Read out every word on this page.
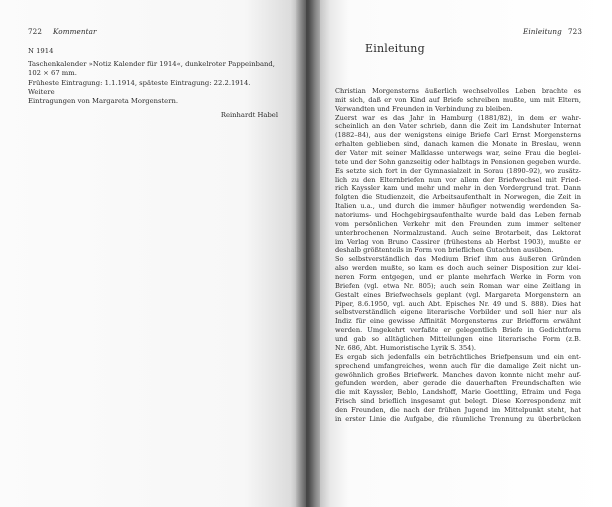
722 Kommentar

N 1914

Taschenkalender »Notiz Kalender für 1914«, dunkelroter Pappeinband,

102 × 67 mm.

Früheste Eintragung: 1.1.1914, späteste Eintragung: 22.2.1914. Weitere

Eintragungen von Margareta Morgenstern.

Reinhardt Habel

Einleitung 723
Einleitung
Christian Morgensterns äußerlich wechselvolles Leben brachte es
mit sich, daß er von Kind auf Briefe schreiben mußte, um mit Eltern,
Verwandten und Freunden in Verbindung zu bleiben.
Zuerst war es das Jahr in Hamburg (1881/82), in dem er wahr-
scheinlich an den Vater schrieb, dann die Zeit im Landshuter Internat
(1882–84), aus der wenigstens einige Briefe Carl Ernst Morgensterns
erhalten geblieben sind, danach kamen die Monate in Breslau, wenn
der Vater mit seiner Malklasse unterwegs war, seine Frau die beglei-
tete und der Sohn ganzseitig oder halbtags in Pensionen gegeben wurde.
Es setzte sich fort in der Gymnasialzeit in Sorau (1890–92), wo zusätz-
lich zu den Elternbriefen nun vor allem der Briefwechsel mit Fried-
rich Kayssler kam und mehr und mehr in den Vordergrund trat. Dann
folgten die Studienzeit, die Arbeitsaufenthalt in Norwegen, die Zeit in
Italien u.a., und durch die immer häufiger notwendig werdenden Sa-
natoriums- und Hochgebirgsaufenthalte wurde bald das Leben fernab
vom persönlichen Verkehr mit den Freunden zum immer seltener
unterbrochenen Normalzustand. Auch seine Brotarbeit, das Lektorat
im Verlag von Bruno Cassirer (frühestens ab Herbst 1903), mußte er
deshalb größtenteils in Form von brieflichen Gutachten ausüben.
So selbstverständlich das Medium Brief ihm aus äußeren Gründen
also werden mußte, so kam es doch auch seiner Disposition zur klei-
neren Form entgegen, und er plante mehrfach Werke in Form von
Briefen (vgl. etwa Nr. 805); auch sein Roman war eine Zeitlang in
Gestalt eines Briefwechsels geplant (vgl. Margareta Morgenstern an
Piper, 8.6.1950, vgl. auch Abt. Episches Nr. 49 und S. 888). Dies hat
selbstverständlich eigene literarische Vorbilder und soll hier nur als
Indiz für eine gewisse Affinität Morgensterns zur Briefform erwähnt
werden. Umgekehrt verfaßte er gelegentlich Briefe in Gedichtform
und gab so alltäglichen Mitteilungen eine literarische Form (z.B.
Nr. 686, Abt. Humoristische Lyrik S. 354).
Es ergab sich jedenfalls ein beträchtliches Briefpensum und ein ent-
sprechend umfangreiches, wenn auch für die damalige Zeit nicht un-
gewöhnlich großes Briefwerk. Manches davon konnte nicht mehr auf-
gefunden werden, aber gerade die dauerhaften Freundschaften wie
die mit Kayssler, Beblo, Landshoff, Marie Goettling, Efraim und Fega
Frisch sind brieflich insgesamt gut belegt. Diese Korrespondenz mit
den Freunden, die nach der frühen Jugend im Mittelpunkt steht, hat
in erster Linie die Aufgabe, die räumliche Trennung zu überbrücken
